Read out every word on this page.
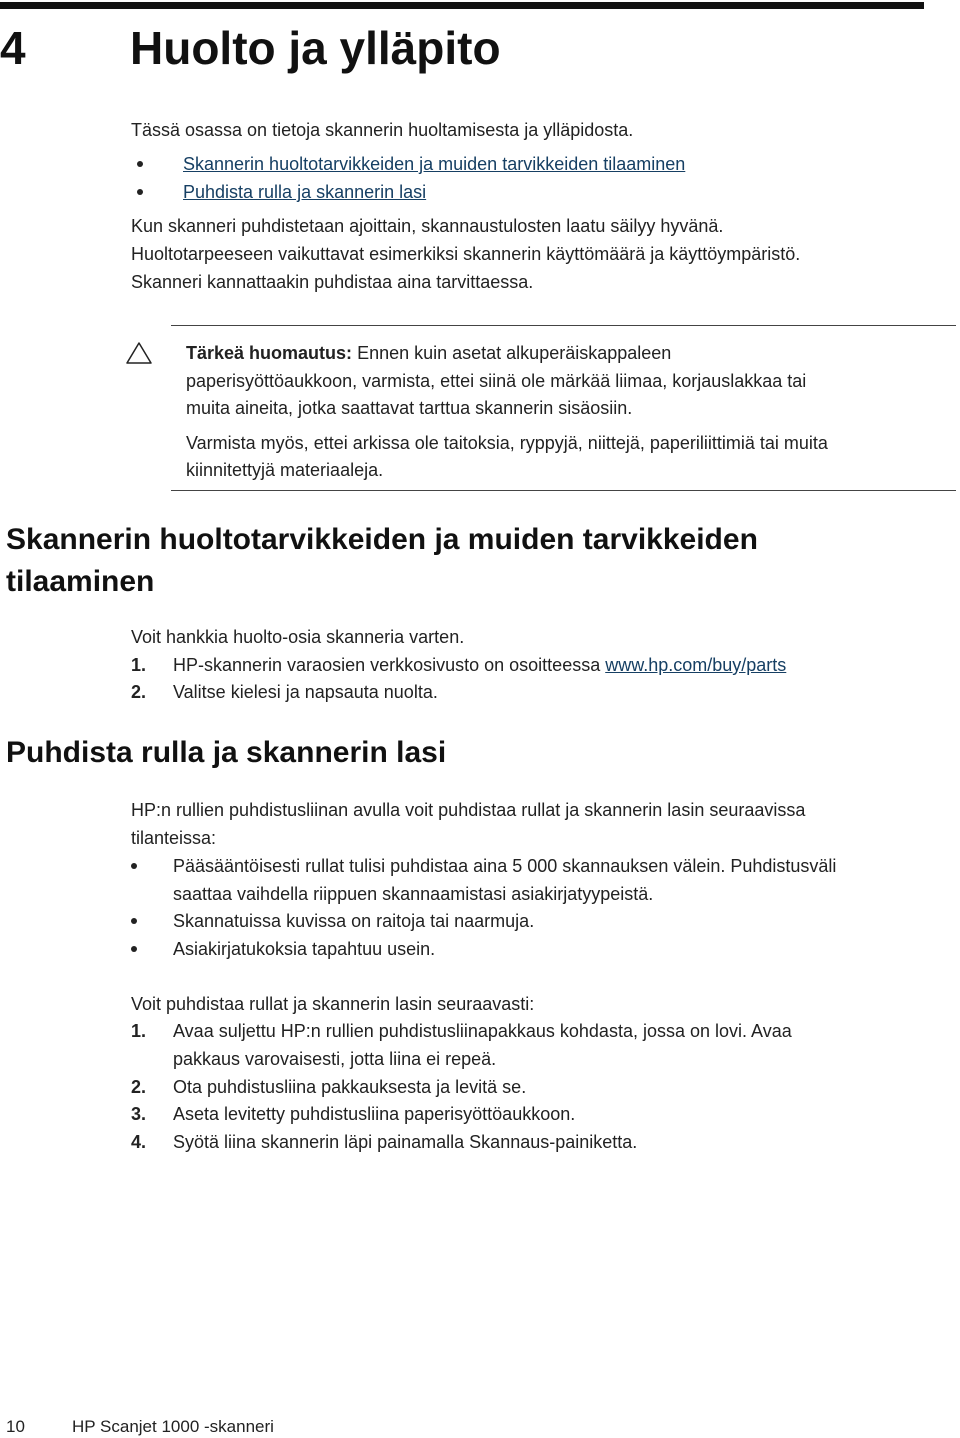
4 Huolto ja ylläpito
Tässä osassa on tietoja skannerin huoltamisesta ja ylläpidosta.
Skannerin huoltotarvikkeiden ja muiden tarvikkeiden tilaaminen
Puhdista rulla ja skannerin lasi
Kun skanneri puhdistetaan ajoittain, skannaustulosten laatu säilyy hyvänä.
Huoltotarpeeseen vaikuttavat esimerkiksi skannerin käyttömäärä ja käyttöympäristö.
Skanneri kannattaakin puhdistaa aina tarvittaessa.
Tärkeä huomautus: Ennen kuin asetat alkuperäiskappaleen
paperisyöttöaukkoon, varmista, ettei siinä ole märkää liimaa, korjauslakkaa tai
muita aineita, jotka saattavat tarttua skannerin sisäosiin.
Varmista myös, ettei arkissa ole taitoksia, ryppyjä, niittejä, paperiliittimiä tai muita
kiinnitettyjä materiaaleja.
Skannerin huoltotarvikkeiden ja muiden tarvikkeiden
tilaaminen
Voit hankkia huolto-osia skanneria varten.
1. HP-skannerin varaosien verkkosivusto on osoitteessa www.hp.com/buy/parts
2. Valitse kielesi ja napsauta nuolta.
Puhdista rulla ja skannerin lasi
HP:n rullien puhdistusliinan avulla voit puhdistaa rullat ja skannerin lasin seuraavissa
tilanteissa:
Pääsääntöisesti rullat tulisi puhdistaa aina 5 000 skannauksen välein. Puhdistusväli
saattaa vaihdella riippuen skannaamistasi asiakirjatyypeistä.
Skannatuissa kuvissa on raitoja tai naarmuja.
Asiakirjatukoksia tapahtuu usein.
Voit puhdistaa rullat ja skannerin lasin seuraavasti:
1. Avaa suljettu HP:n rullien puhdistusliinapakkaus kohdasta, jossa on lovi. Avaa
pakkaus varovaisesti, jotta liina ei repeä.
2. Ota puhdistusliina pakkauksesta ja levitä se.
3. Aseta levitetty puhdistusliina paperisyöttöaukkoon.
4. Syötä liina skannerin läpi painamalla Skannaus-painiketta.
10	HP Scanjet 1000 -skanneri
